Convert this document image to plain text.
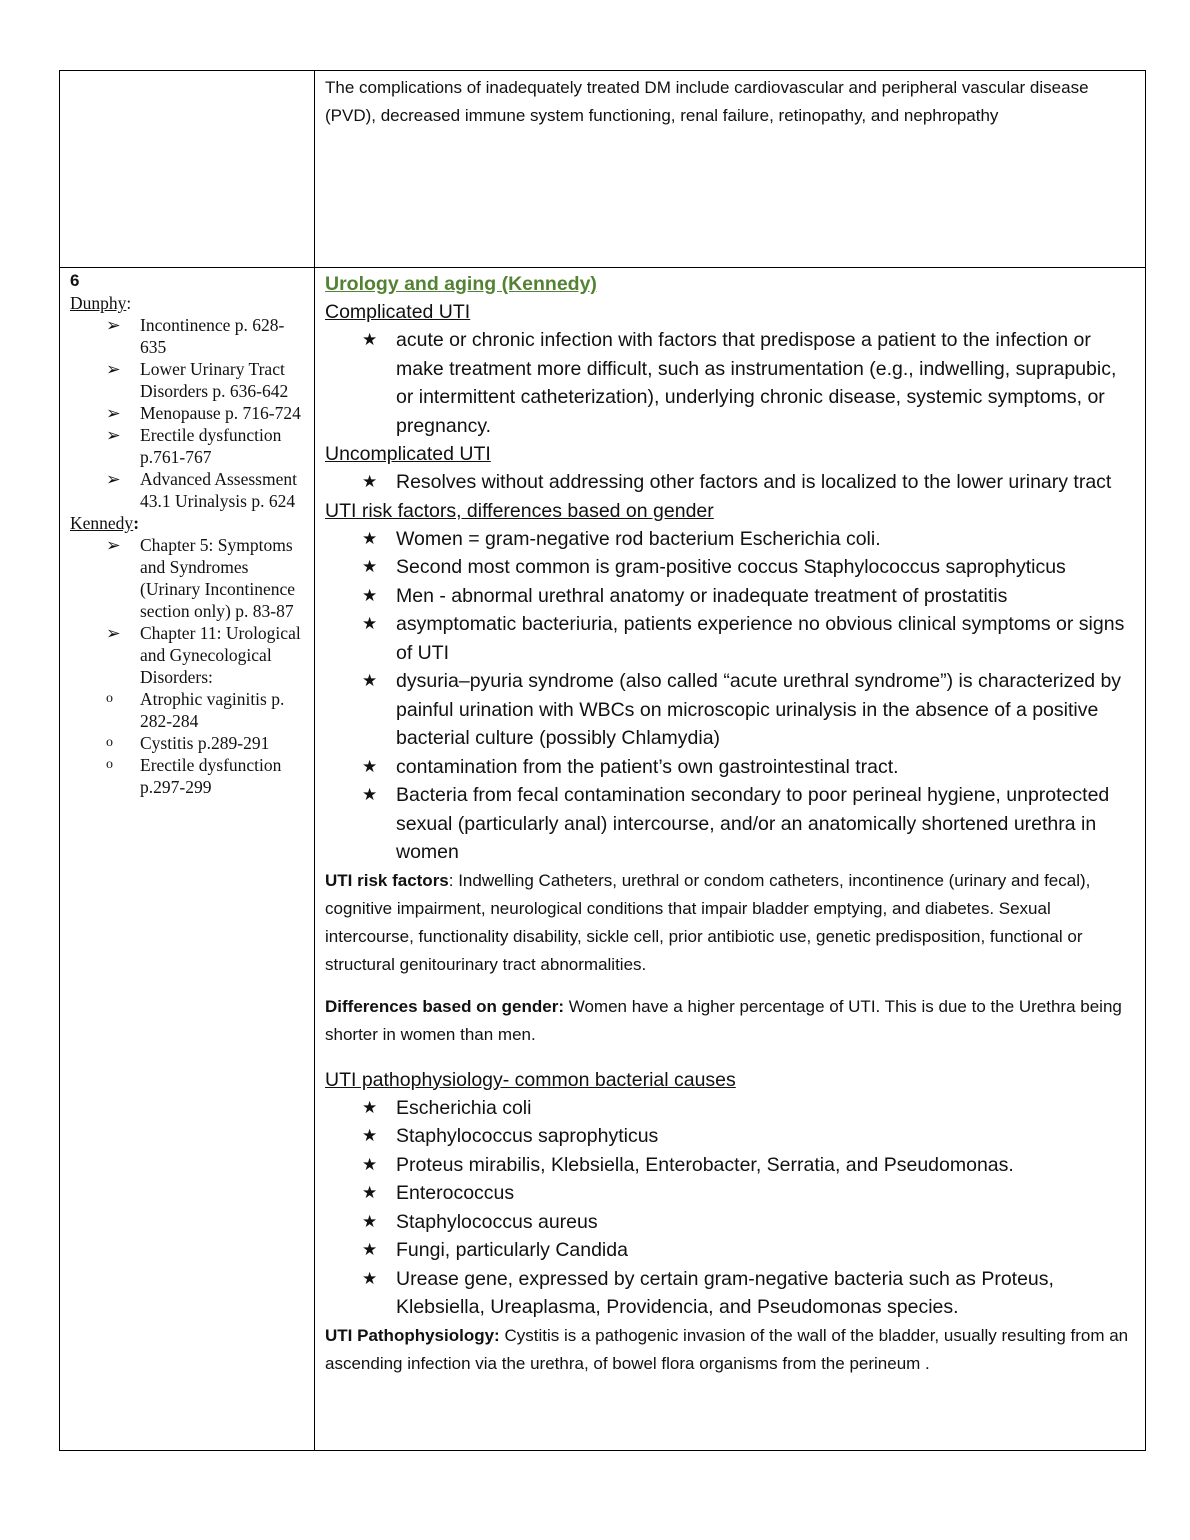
	The complications of inadequately treated DM include cardiovascular and peripheral vascular disease (PVD), decreased immune system functioning, renal failure, retinopathy, and nephropathy

6
Dunphy:
➢	Incontinence p. 628-635
➢	Lower Urinary Tract Disorders p. 636-642
➢	Menopause p. 716-724
➢	Erectile dysfunction p.761-767
➢	Advanced Assessment 43.1 Urinalysis p. 624
Kennedy:
➢	Chapter 5: Symptoms and Syndromes (Urinary Incontinence section only) p. 83-87
➢	Chapter 11: Urological and Gynecological Disorders:
o	Atrophic vaginitis p. 282-284
o	Cystitis p.289-291
o	Erectile dysfunction p.297-299

Urology and aging (Kennedy)
Complicated UTI
★ acute or chronic infection with factors that predispose a patient to the infection or make treatment more difficult, such as instrumentation (e.g., indwelling, suprapubic, or intermittent catheterization), underlying chronic disease, systemic symptoms, or pregnancy.
Uncomplicated UTI
★ Resolves without addressing other factors and is localized to the lower urinary tract
UTI risk factors, differences based on gender
★ Women = gram-negative rod bacterium Escherichia coli.
★ Second most common is gram-positive coccus Staphylococcus saprophyticus
★ Men - abnormal urethral anatomy or inadequate treatment of prostatitis
★ asymptomatic bacteriuria, patients experience no obvious clinical symptoms or signs of UTI
★ dysuria–pyuria syndrome (also called “acute urethral syndrome”) is characterized by painful urination with WBCs on microscopic urinalysis in the absence of a positive bacterial culture (possibly Chlamydia)
★ contamination from the patient’s own gastrointestinal tract.
★ Bacteria from fecal contamination secondary to poor perineal hygiene, unprotected sexual (particularly anal) intercourse, and/or an anatomically shortened urethra in women

UTI risk factors: Indwelling Catheters, urethral or condom catheters, incontinence (urinary and fecal), cognitive impairment, neurological conditions that impair bladder emptying, and diabetes. Sexual intercourse, functionality disability, sickle cell, prior antibiotic use, genetic predisposition, functional or structural genitourinary tract abnormalities.

Differences based on gender: Women have a higher percentage of UTI. This is due to the Urethra being shorter in women than men.

UTI pathophysiology- common bacterial causes
★ Escherichia coli
★ Staphylococcus saprophyticus
★ Proteus mirabilis, Klebsiella, Enterobacter, Serratia, and Pseudomonas.
★ Enterococcus
★ Staphylococcus aureus
★ Fungi, particularly Candida
★ Urease gene, expressed by certain gram-negative bacteria such as Proteus, Klebsiella, Ureaplasma, Providencia, and Pseudomonas species.

UTI Pathophysiology: Cystitis is a pathogenic invasion of the wall of the bladder, usually resulting from an ascending infection via the urethra, of bowel flora organisms from the perineum .
